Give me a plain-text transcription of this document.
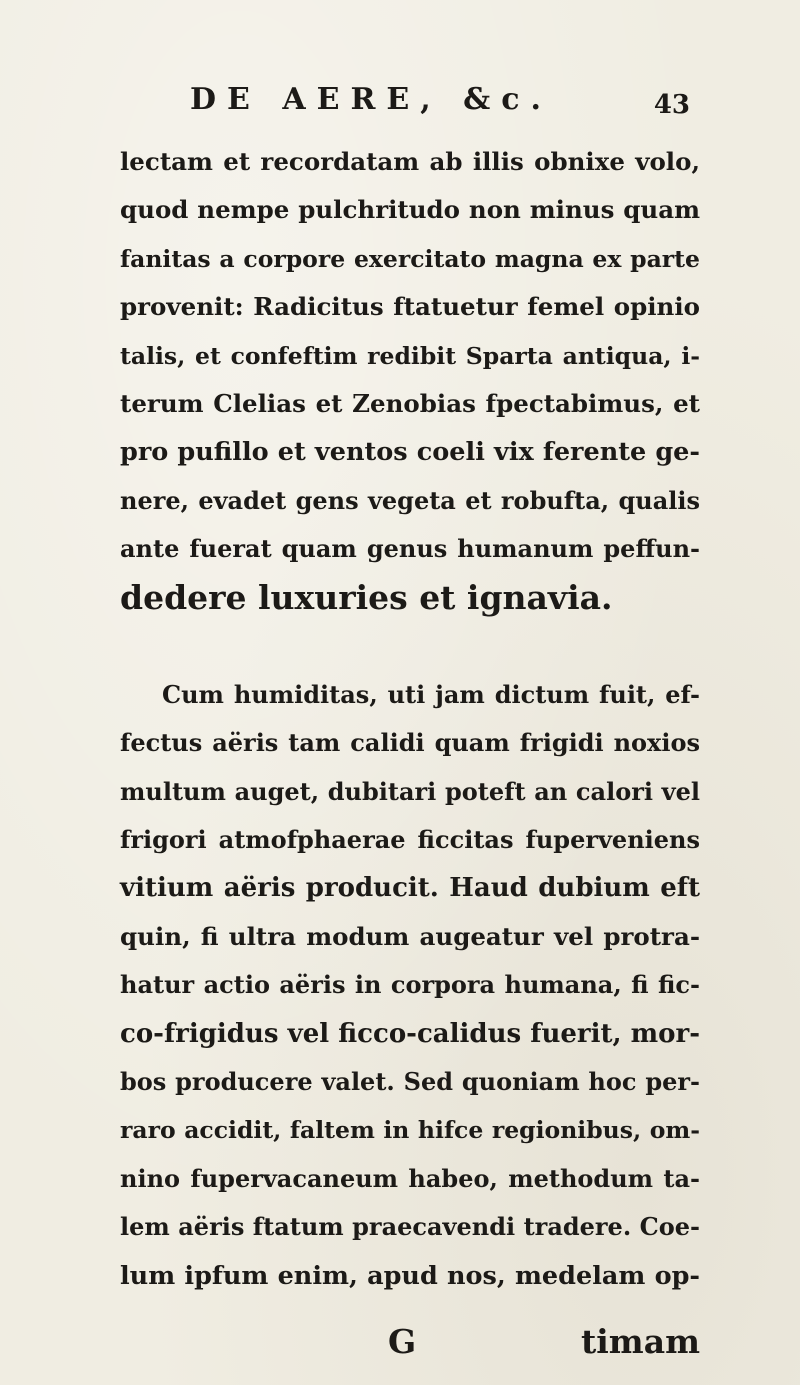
DE AERE, &c.	43
lectam et recordatam ab illis obnixe volo,
quod nempe pulchritudo non minus quam
fanitas a corpore exercitato magna ex parte
provenit: Radicitus ftatuetur femel opinio
talis, et confeftim redibit Sparta antiqua, i-
terum Clelias et Zenobias fpectabimus, et
pro pufillo et ventos coeli vix ferente ge-
nere, evadet gens vegeta et robufta, qualis
ante fuerat quam genus humanum peffun-
dedere luxuries et ignavia.
Cum humiditas, uti jam dictum fuit, ef-
fectus aëris tam calidi quam frigidi noxios
multum auget, dubitari poteft an calori vel
frigori atmofphaerae ficcitas fuperveniens
vitium aëris producit. Haud dubium eft
quin, fi ultra modum augeatur vel protra-
hatur actio aëris in corpora humana, fi fic-
co-frigidus vel ficco-calidus fuerit, mor-
bos producere valet. Sed quoniam hoc per-
raro accidit, faltem in hifce regionibus, om-
nino fupervacaneum habeo, methodum ta-
lem aëris ftatum praecavendi tradere. Coe-
lum ipfum enim, apud nos, medelam op-
G	timam
